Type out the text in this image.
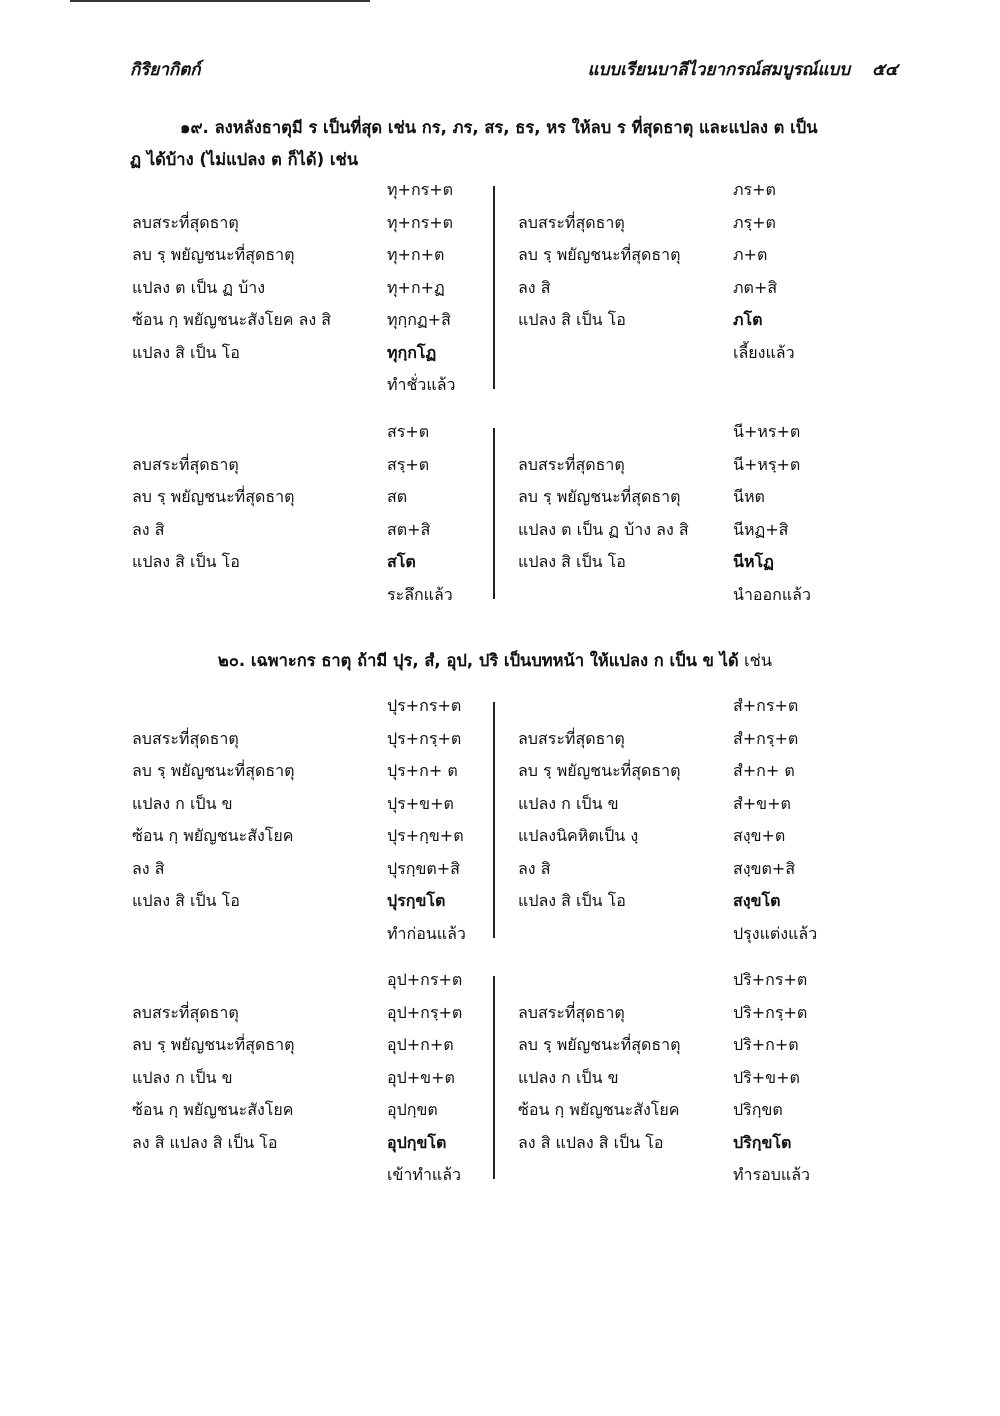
กิริยากิตก์	แบบเรียนบาลีไวยากรณ์สมบูรณ์แบบ ๕๔
๑๙. ลงหลังธาตุมี ร เป็นที่สุด เช่น กร, ภร, สร, ธร, หร ให้ลบ ร ที่สุดธาตุ และแปลง ต เป็น
ฏ ได้บ้าง (ไม่แปลง ต ก็ได้) เช่น
๒๐. เฉพาะกร ธาตุ ถ้ามี ปุร, สํ, อุป, ปริ เป็นบทหน้า ให้แปลง ก เป็น ข ได้ เช่น
ลบสระที่สุดธาตุ
ลบ รฺ พยัญชนะที่สุดธาตุ
แปลง ต เป็น ฏ บ้าง
ซ้อน กฺ พยัญชนะสังโยค ลง สิ
แปลง สิ เป็น โอ
ทุ+กร+ต
ทุ+กร+ต
ทุ+ก+ต
ทุ+ก+ฏ
ทุกฺกฏ+สิ
ทุกฺกโฏ
ทำชั่วแล้ว
ลบสระที่สุดธาตุ
ลบ รฺ พยัญชนะที่สุดธาตุ
ลง สิ
แปลง สิ เป็น โอ
ภร+ต
ภรฺ+ต
ภ+ต
ภต+สิ
ภโต
เลี้ยงแล้ว
ลบสระที่สุดธาตุ
ลบ รฺ พยัญชนะที่สุดธาตุ
ลง สิ
แปลง สิ เป็น โอ
สร+ต
สรฺ+ต
สต
สต+สิ
สโต
ระลึกแล้ว
ลบสระที่สุดธาตุ
ลบ รฺ พยัญชนะที่สุดธาตุ
แปลง ต เป็น ฏ บ้าง ลง สิ
แปลง สิ เป็น โอ
นี+หร+ต
นี+หรฺ+ต
นีหต
นีหฏ+สิ
นีหโฏ
นำออกแล้ว
ลบสระที่สุดธาตุ
ลบ รฺ พยัญชนะที่สุดธาตุ
แปลง ก เป็น ข
ซ้อน กฺ พยัญชนะสังโยค
ลง สิ
แปลง สิ เป็น โอ
ปุร+กร+ต
ปุร+กรฺ+ต
ปุร+ก+ ต
ปุร+ข+ต
ปุร+กฺข+ต
ปุรกฺขต+สิ
ปุรกฺขโต
ทำก่อนแล้ว
ลบสระที่สุดธาตุ
ลบ รฺ พยัญชนะที่สุดธาตุ
แปลง ก เป็น ข
แปลงนิคหิตเป็น งฺ
ลง สิ
แปลง สิ เป็น โอ
สํ+กร+ต
สํ+กรฺ+ต
สํ+ก+ ต
สํ+ข+ต
สงฺข+ต
สงฺขต+สิ
สงฺขโต
ปรุงแต่งแล้ว
ลบสระที่สุดธาตุ
ลบ รฺ พยัญชนะที่สุดธาตุ
แปลง ก เป็น ข
ซ้อน กฺ พยัญชนะสังโยค
ลง สิ แปลง สิ เป็น โอ
อุป+กร+ต
อุป+กรฺ+ต
อุป+ก+ต
อุป+ข+ต
อุปกฺขต
อุปกฺขโต
เข้าทำแล้ว
ลบสระที่สุดธาตุ
ลบ รฺ พยัญชนะที่สุดธาตุ
แปลง ก เป็น ข
ซ้อน กฺ พยัญชนะสังโยค
ลง สิ แปลง สิ เป็น โอ
ปริ+กร+ต
ปริ+กรฺ+ต
ปริ+ก+ต
ปริ+ข+ต
ปริกฺขต
ปริกฺขโต
ทำรอบแล้ว
